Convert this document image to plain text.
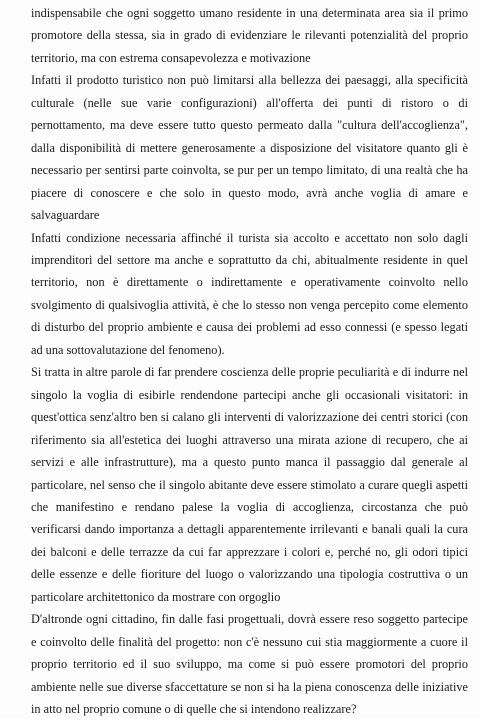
indispensabile che ogni soggetto umano residente in una determinata area sia il primo promotore della stessa, sia in grado di evidenziare le rilevanti potenzialità del proprio territorio, ma con estrema consapevolezza e motivazione

Infatti il prodotto turistico non può limitarsi alla bellezza dei paesaggi, alla specificità culturale (nelle sue varie configurazioni) all'offerta dei punti di ristoro o di pernottamento, ma deve essere tutto questo permeato dalla "cultura dell'accoglienza", dalla disponibilità di mettere generosamente a disposizione del visitatore quanto gli è necessario per sentirsi parte coinvolta, se pur per un tempo limitato, di una realtà che ha piacere di conoscere e che solo in questo modo, avrà anche voglia di amare e salvaguardare

Infatti condizione necessaria affinché il turista sia accolto e accettato non solo dagli imprenditori del settore ma anche e soprattutto da chi, abitualmente residente in quel territorio, non è direttamente o indirettamente e operativamente coinvolto nello svolgimento di qualsivoglia attività, è che lo stesso non venga percepito come elemento di disturbo del proprio ambiente e causa dei problemi ad esso connessi (e spesso legati ad una sottovalutazione del fenomeno).

Si tratta in altre parole di far prendere coscienza delle proprie peculiarità e di indurre nel singolo la voglia di esibirle rendendone partecipi anche gli occasionali visitatori: in quest'ottica senz'altro ben si calano gli interventi di valorizzazione dei centri storici (con riferimento sia all'estetica dei luoghi attraverso una mirata azione di recupero, che ai servizi e alle infrastrutture), ma a questo punto manca il passaggio dal generale al particolare, nel senso che il singolo abitante deve essere stimolato a curare quegli aspetti che manifestino e rendano palese la voglia di accoglienza, circostanza che può verificarsi dando importanza a dettagli apparentemente irrilevanti e banali quali la cura dei balconi e delle terrazze da cui far apprezzare i colori e, perché no, gli odori tipici delle essenze e delle fioriture del luogo o valorizzando una tipologia costruttiva o un particolare architettonico da mostrare con orgoglio

D'altronde ogni cittadino, fin dalle fasi progettuali, dovrà essere reso soggetto partecipe e coinvolto delle finalità del progetto: non c'è nessuno cui stia maggiormente a cuore il proprio territorio ed il suo sviluppo, ma come si può essere promotori del proprio ambiente nelle sue diverse sfaccettature se non si ha la piena conoscenza delle iniziative in atto nel proprio comune o di quelle che si intendono realizzare?
